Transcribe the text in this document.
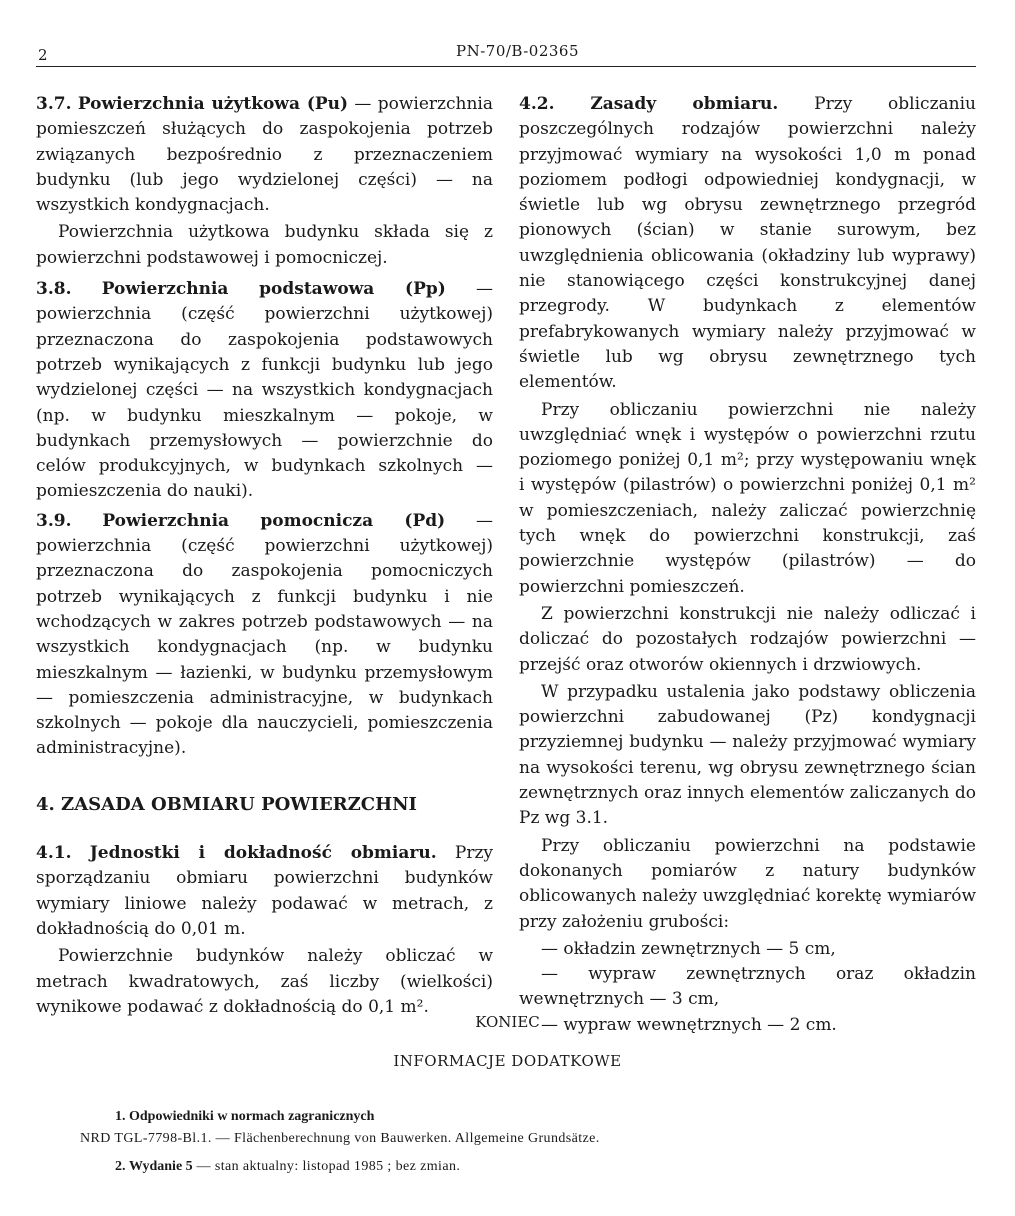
2	PN-70/B-02365

3.7. Powierzchnia użytkowa (Pu) — powierzchnia pomieszczeń służących do zaspokojenia potrzeb związanych bezpośrednio z przeznaczeniem budynku (lub jego wydzielonej części) — na wszystkich kondygnacjach.

Powierzchnia użytkowa budynku składa się z powierzchni podstawowej i pomocniczej.

3.8. Powierzchnia podstawowa (Pp) — powierzchnia (część powierzchni użytkowej) przeznaczona do zaspokojenia podstawowych potrzeb wynikających z funkcji budynku lub jego wydzielonej części — na wszystkich kondygnacjach (np. w budynku mieszkalnym — pokoje, w budynkach przemysłowych — powierzchnie do celów produkcyjnych, w budynkach szkolnych — pomieszczenia do nauki).

3.9. Powierzchnia pomocnicza (Pd) — powierzchnia (część powierzchni użytkowej) przeznaczona do zaspokojenia pomocniczych potrzeb wynikających z funkcji budynku i nie wchodzących w zakres potrzeb podstawowych — na wszystkich kondygnacjach (np. w budynku mieszkalnym — łazienki, w budynku przemysłowym — pomieszczenia administracyjne, w budynkach szkolnych — pokoje dla nauczycieli, pomieszczenia administracyjne).

4. ZASADA OBMIARU POWIERZCHNI

4.1. Jednostki i dokładność obmiaru. Przy sporządzaniu obmiaru powierzchni budynków wymiary liniowe należy podawać w metrach, z dokładnością do 0,01 m.

Powierzchnie budynków należy obliczać w metrach kwadratowych, zaś liczby (wielkości) wynikowe podawać z dokładnością do 0,1 m².

4.2. Zasady obmiaru. Przy obliczaniu poszczególnych rodzajów powierzchni należy przyjmować wymiary na wysokości 1,0 m ponad poziomem podłogi odpowiedniej kondygnacji, w świetle lub wg obrysu zewnętrznego przegród pionowych (ścian) w stanie surowym, bez uwzględnienia oblicowania (okładziny lub wyprawy) nie stanowiącego części konstrukcyjnej danej przegrody. W budynkach z elementów prefabrykowanych wymiary należy przyjmować w świetle lub wg obrysu zewnętrznego tych elementów.

Przy obliczaniu powierzchni nie należy uwzględniać wnęk i występów o powierzchni rzutu poziomego poniżej 0,1 m²; przy występowaniu wnęk i występów (pilastrów) o powierzchni poniżej 0,1 m² w pomieszczeniach, należy zaliczać powierzchnię tych wnęk do powierzchni konstrukcji, zaś powierzchnie występów (pilastrów) — do powierzchni pomieszczeń.

Z powierzchni konstrukcji nie należy odliczać i doliczać do pozostałych rodzajów powierzchni — przejść oraz otworów okiennych i drzwiowych.

W przypadku ustalenia jako podstawy obliczenia powierzchni zabudowanej (Pz) kondygnacji przyziemnej budynku — należy przyjmować wymiary na wysokości terenu, wg obrysu zewnętrznego ścian zewnętrznych oraz innych elementów zaliczanych do Pz wg 3.1.

Przy obliczaniu powierzchni na podstawie dokonanych pomiarów z natury budynków oblicowanych należy uwzględniać korektę wymiarów przy założeniu grubości:

— okładzin zewnętrznych — 5 cm,

— wypraw zewnętrznych oraz okładzin wewnętrznych — 3 cm,

— wypraw wewnętrznych — 2 cm.

KONIEC
INFORMACJE DODATKOWE
1. Odpowiedniki w normach zagranicznych
NRD TGL-7798-Bl.1. — Flächenberechnung von Bauwerken. Allgemeine Grundsätze.
2. Wydanie 5 — stan aktualny: listopad 1985 ; bez zmian.
